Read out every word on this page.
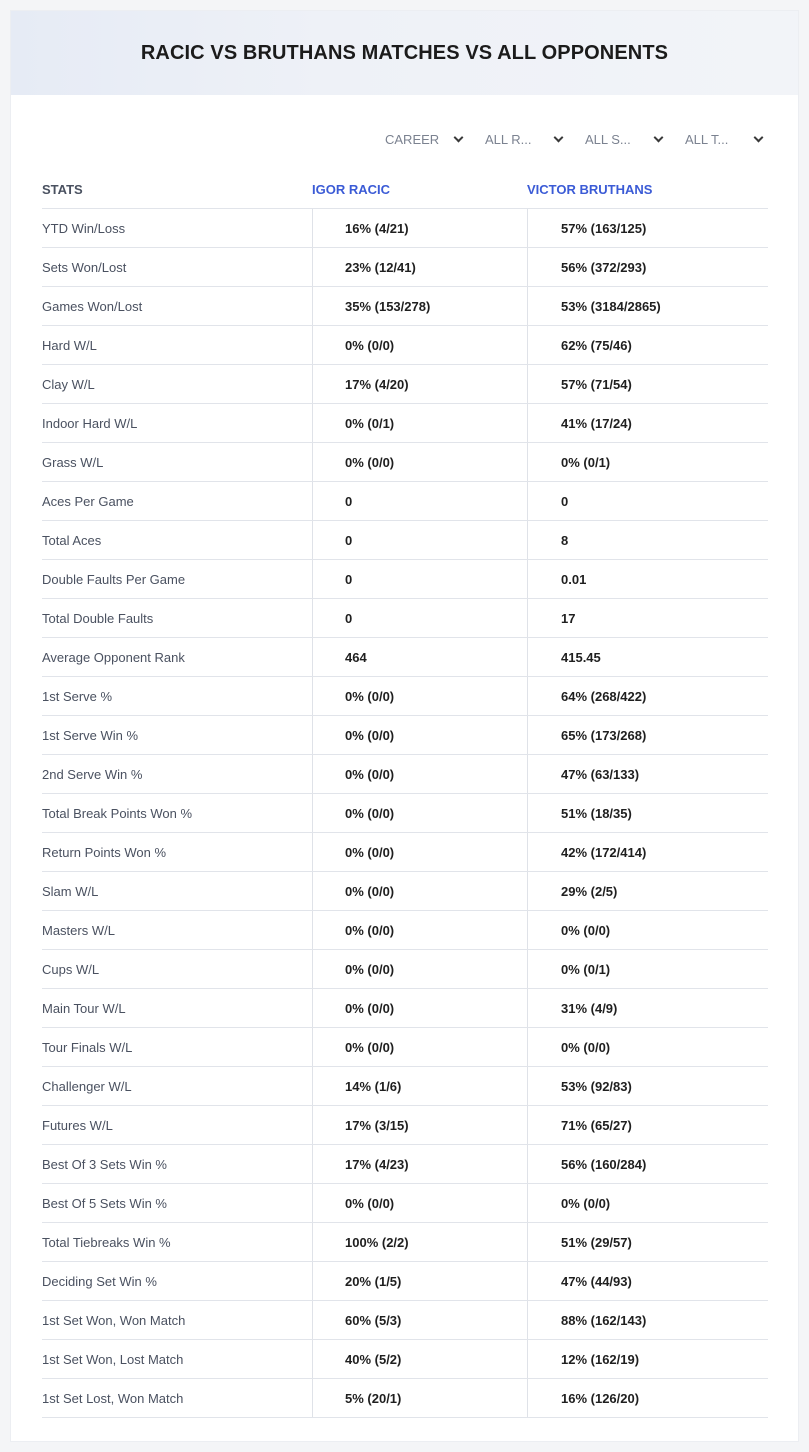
RACIC VS BRUTHANS MATCHES VS ALL OPPONENTS
CAREER	ALL R...	ALL S...	ALL T...
STATS	IGOR RACIC	VICTOR BRUTHANS
YTD Win/Loss	16% (4/21)	57% (163/125)
Sets Won/Lost	23% (12/41)	56% (372/293)
Games Won/Lost	35% (153/278)	53% (3184/2865)
Hard W/L	0% (0/0)	62% (75/46)
Clay W/L	17% (4/20)	57% (71/54)
Indoor Hard W/L	0% (0/1)	41% (17/24)
Grass W/L	0% (0/0)	0% (0/1)
Aces Per Game	0	0
Total Aces	0	8
Double Faults Per Game	0	0.01
Total Double Faults	0	17
Average Opponent Rank	464	415.45
1st Serve %	0% (0/0)	64% (268/422)
1st Serve Win %	0% (0/0)	65% (173/268)
2nd Serve Win %	0% (0/0)	47% (63/133)
Total Break Points Won %	0% (0/0)	51% (18/35)
Return Points Won %	0% (0/0)	42% (172/414)
Slam W/L	0% (0/0)	29% (2/5)
Masters W/L	0% (0/0)	0% (0/0)
Cups W/L	0% (0/0)	0% (0/1)
Main Tour W/L	0% (0/0)	31% (4/9)
Tour Finals W/L	0% (0/0)	0% (0/0)
Challenger W/L	14% (1/6)	53% (92/83)
Futures W/L	17% (3/15)	71% (65/27)
Best Of 3 Sets Win %	17% (4/23)	56% (160/284)
Best Of 5 Sets Win %	0% (0/0)	0% (0/0)
Total Tiebreaks Win %	100% (2/2)	51% (29/57)
Deciding Set Win %	20% (1/5)	47% (44/93)
1st Set Won, Won Match	60% (5/3)	88% (162/143)
1st Set Won, Lost Match	40% (5/2)	12% (162/19)
1st Set Lost, Won Match	5% (20/1)	16% (126/20)
